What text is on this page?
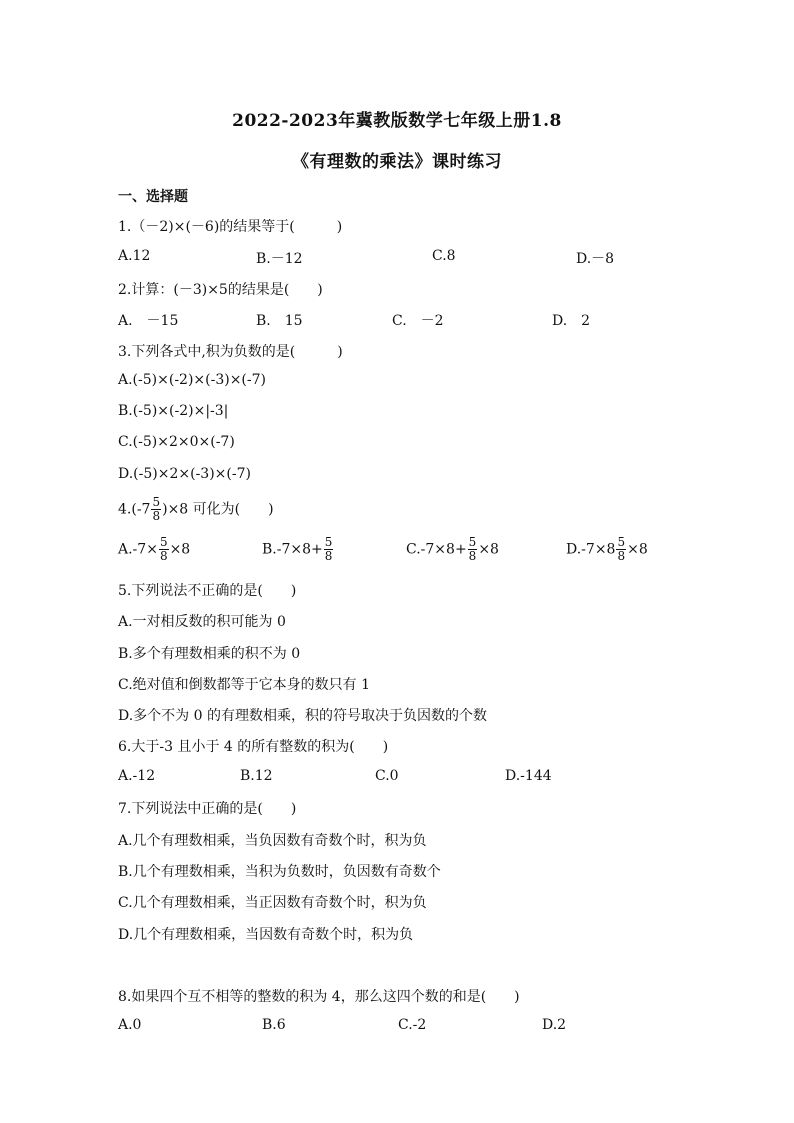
2022-2023年冀教版数学七年级上册1.8
《有理数的乘法》课时练习
一、选择题
1.（－2)×(－6)的结果等于(　　　)
A.12	B.－12	C.8	D.－8
2.计算：(－3)×5的结果是(　　)
A.　－15	B.　15	C.　－2	D.　2
3.下列各式中,积为负数的是(　　　)
A.(-5)×(-2)×(-3)×(-7)
B.(-5)×(-2)×|-3|
C.(-5)×2×0×(-7)
D.(-5)×2×(-3)×(-7)
$4.(-7 \frac{5}{8} )\times 8$ 可化为(　　)
$A.-7\times \frac{5}{8} \times 8$	$B.-7\times 8+ \frac{5}{8}$	$C.-7\times 8+ \frac{5}{8} \times 8$	$D.-7\times 8 \frac{5}{8} \times 8$
5.下列说法不正确的是(　　)
A.一对相反数的积可能为 0
B.多个有理数相乘的积不为 0
C.绝对值和倒数都等于它本身的数只有 1
D.多个不为 0 的有理数相乘，积的符号取决于负因数的个数
6.大于-3 且小于 4 的所有整数的积为(　　)
A.-12	B.12	C.0	D.-144
7.下列说法中正确的是(　　)
A.几个有理数相乘，当负因数有奇数个时，积为负
B.几个有理数相乘，当积为负数时，负因数有奇数个
C.几个有理数相乘，当正因数有奇数个时，积为负
D.几个有理数相乘，当因数有奇数个时，积为负
8.如果四个互不相等的整数的积为 4，那么这四个数的和是(　　)
A.0	B.6	C.-2	D.2
